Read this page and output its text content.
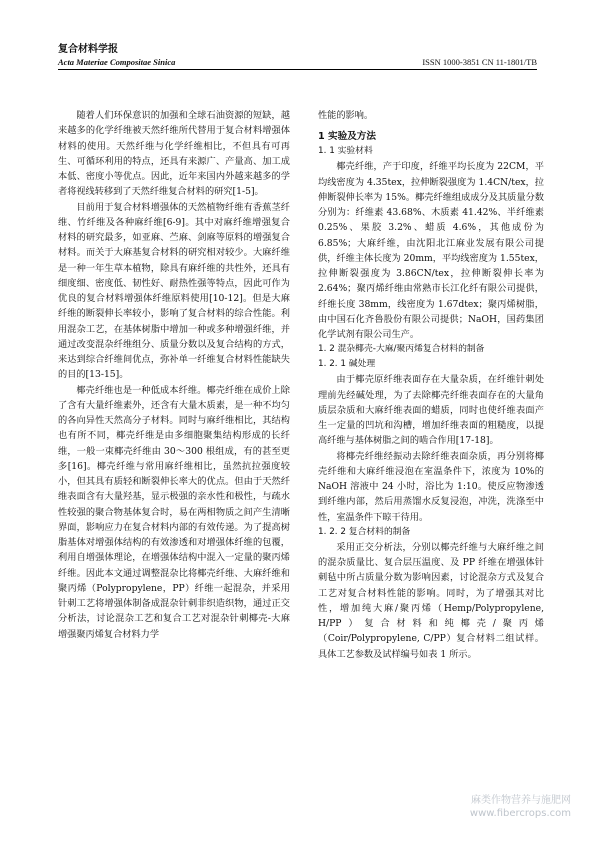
复合材料学报
Acta Materiae Compositae Sinica	ISSN 1000-3851 CN 11-1801/TB

随着人们环保意识的加强和全球石油资源的短缺，越来越多的化学纤维被天然纤维所代替用于复合材料增强体材料的使用。天然纤维与化学纤维相比，不但具有可再生、可循环利用的特点，还具有来源广、产量高、加工成本低、密度小等优点。因此，近年来国内外越来越多的学者将视线转移到了天然纤维复合材料的研究[1-5]。

目前用于复合材料增强体的天然植物纤维有香蕉茎纤维、竹纤维及各种麻纤维[6-9]。其中对麻纤维增强复合材料的研究最多，如亚麻、苎麻、剑麻等原料的增强复合材料。而关于大麻基复合材料的研究相对较少。大麻纤维是一种一年生草本植物，除具有麻纤维的共性外，还具有细度细、密度低、韧性好、耐热性强等特点，因此可作为优良的复合材料增强体纤维原料使用[10-12]。但是大麻纤维的断裂伸长率较小，影响了复合材料的综合性能。利用混杂工艺，在基体树脂中增加一种或多种增强纤维，并通过改变混杂纤维组分、质量分数以及复合结构的方式，来达到综合纤维间优点，弥补单一纤维复合材料性能缺失的目的[13-15]。

椰壳纤维也是一种低成本纤维。椰壳纤维在成价上除了含有大量纤维素外，还含有大量木质素，是一种不均匀的各向异性天然高分子材料。同时与麻纤维相比，其结构也有所不同，椰壳纤维是由多细胞聚集结构形成的长纤维，一般一束椰壳纤维由 30～300 根组成，有的甚至更多[16]。椰壳纤维与常用麻纤维相比，虽然抗拉强度较小，但其具有质轻和断裂伸长率大的优点。但由于天然纤维表面含有大量羟基，显示极强的亲水性和极性，与疏水性较强的聚合物基体复合时，易在两相物质之间产生清晰界面，影响应力在复合材料内部的有效传递。为了提高树脂基体对增强体结构的有效渗透和对增强体纤维的包覆，利用自增强体理论，在增强体结构中混入一定量的聚丙烯纤维。因此本文通过调整混杂比将椰壳纤维、大麻纤维和聚丙烯（Polypropylene，PP）纤维一起混杂，并采用针刺工艺将增强体制备成混杂针刺非织造织物，通过正交分析法，讨论混杂工艺和复合工艺对混杂针刺椰壳-大麻增强聚丙烯复合材料力学

性能的影响。

1 实验及方法
1. 1 实验材料

椰壳纤维，产于印度，纤维平均长度为 22CM，平均线密度为 4.35tex，拉伸断裂强度为 1.4CN/tex，拉伸断裂伸长率为 15%。椰壳纤维组成成分及其质量分数分别为：纤维素 43.68%、木质素 41.42%、半纤维素 0.25%、果胶 3.2%、蜡质 4.6%，其他成份为 6.85%；大麻纤维，由沈阳北江麻业发展有限公司提供，纤维主体长度为 20mm，平均线密度为 1.55tex，拉伸断裂强度为 3.86CN/tex，拉伸断裂伸长率为 2.64%；聚丙烯纤维由常熟市长江化纤有限公司提供，纤维长度 38mm，线密度为 1.67dtex；聚丙烯树脂，由中国石化齐鲁股份有限公司提供；NaOH，国药集团化学试剂有限公司生产。

1. 2 混杂椰壳-大麻/聚丙烯复合材料的制备
1. 2. 1 碱处理

由于椰壳原纤维表面存在大量杂质，在纤维针刺处理前先经碱处理，为了去除椰壳纤维表面存在的大量角质层杂质和大麻纤维表面的蜡质，同时也使纤维表面产生一定量的凹坑和沟槽，增加纤维表面的粗糙度，以提高纤维与基体树脂之间的啮合作用[17-18]。

将椰壳纤维经振动去除纤维表面杂质，再分别将椰壳纤维和大麻纤维浸泡在室温条件下，浓度为 10%的 NaOH 溶液中 24 小时，浴比为 1:10。使反应物渗透到纤维内部，然后用蒸馏水反复浸泡，冲洗，洗涤至中性，室温条件下晾干待用。

1. 2. 2 复合材料的制备

采用正交分析法，分别以椰壳纤维与大麻纤维之间的混杂质量比、复合层压温度、及 PP 纤维在增强体针刺毡中所占质量分数为影响因素，讨论混杂方式及复合工艺对复合材料性能的影响。同时，为了增强其对比性，增加纯大麻/聚丙烯（Hemp/Polypropylene, H/PP）复合材料和纯椰壳/聚丙烯（Coir/Polypropylene, C/PP）复合材料二组试样。具体工艺参数及试样编号如表 1 所示。

麻类作物营养与施肥网
www.fibercrops.com
